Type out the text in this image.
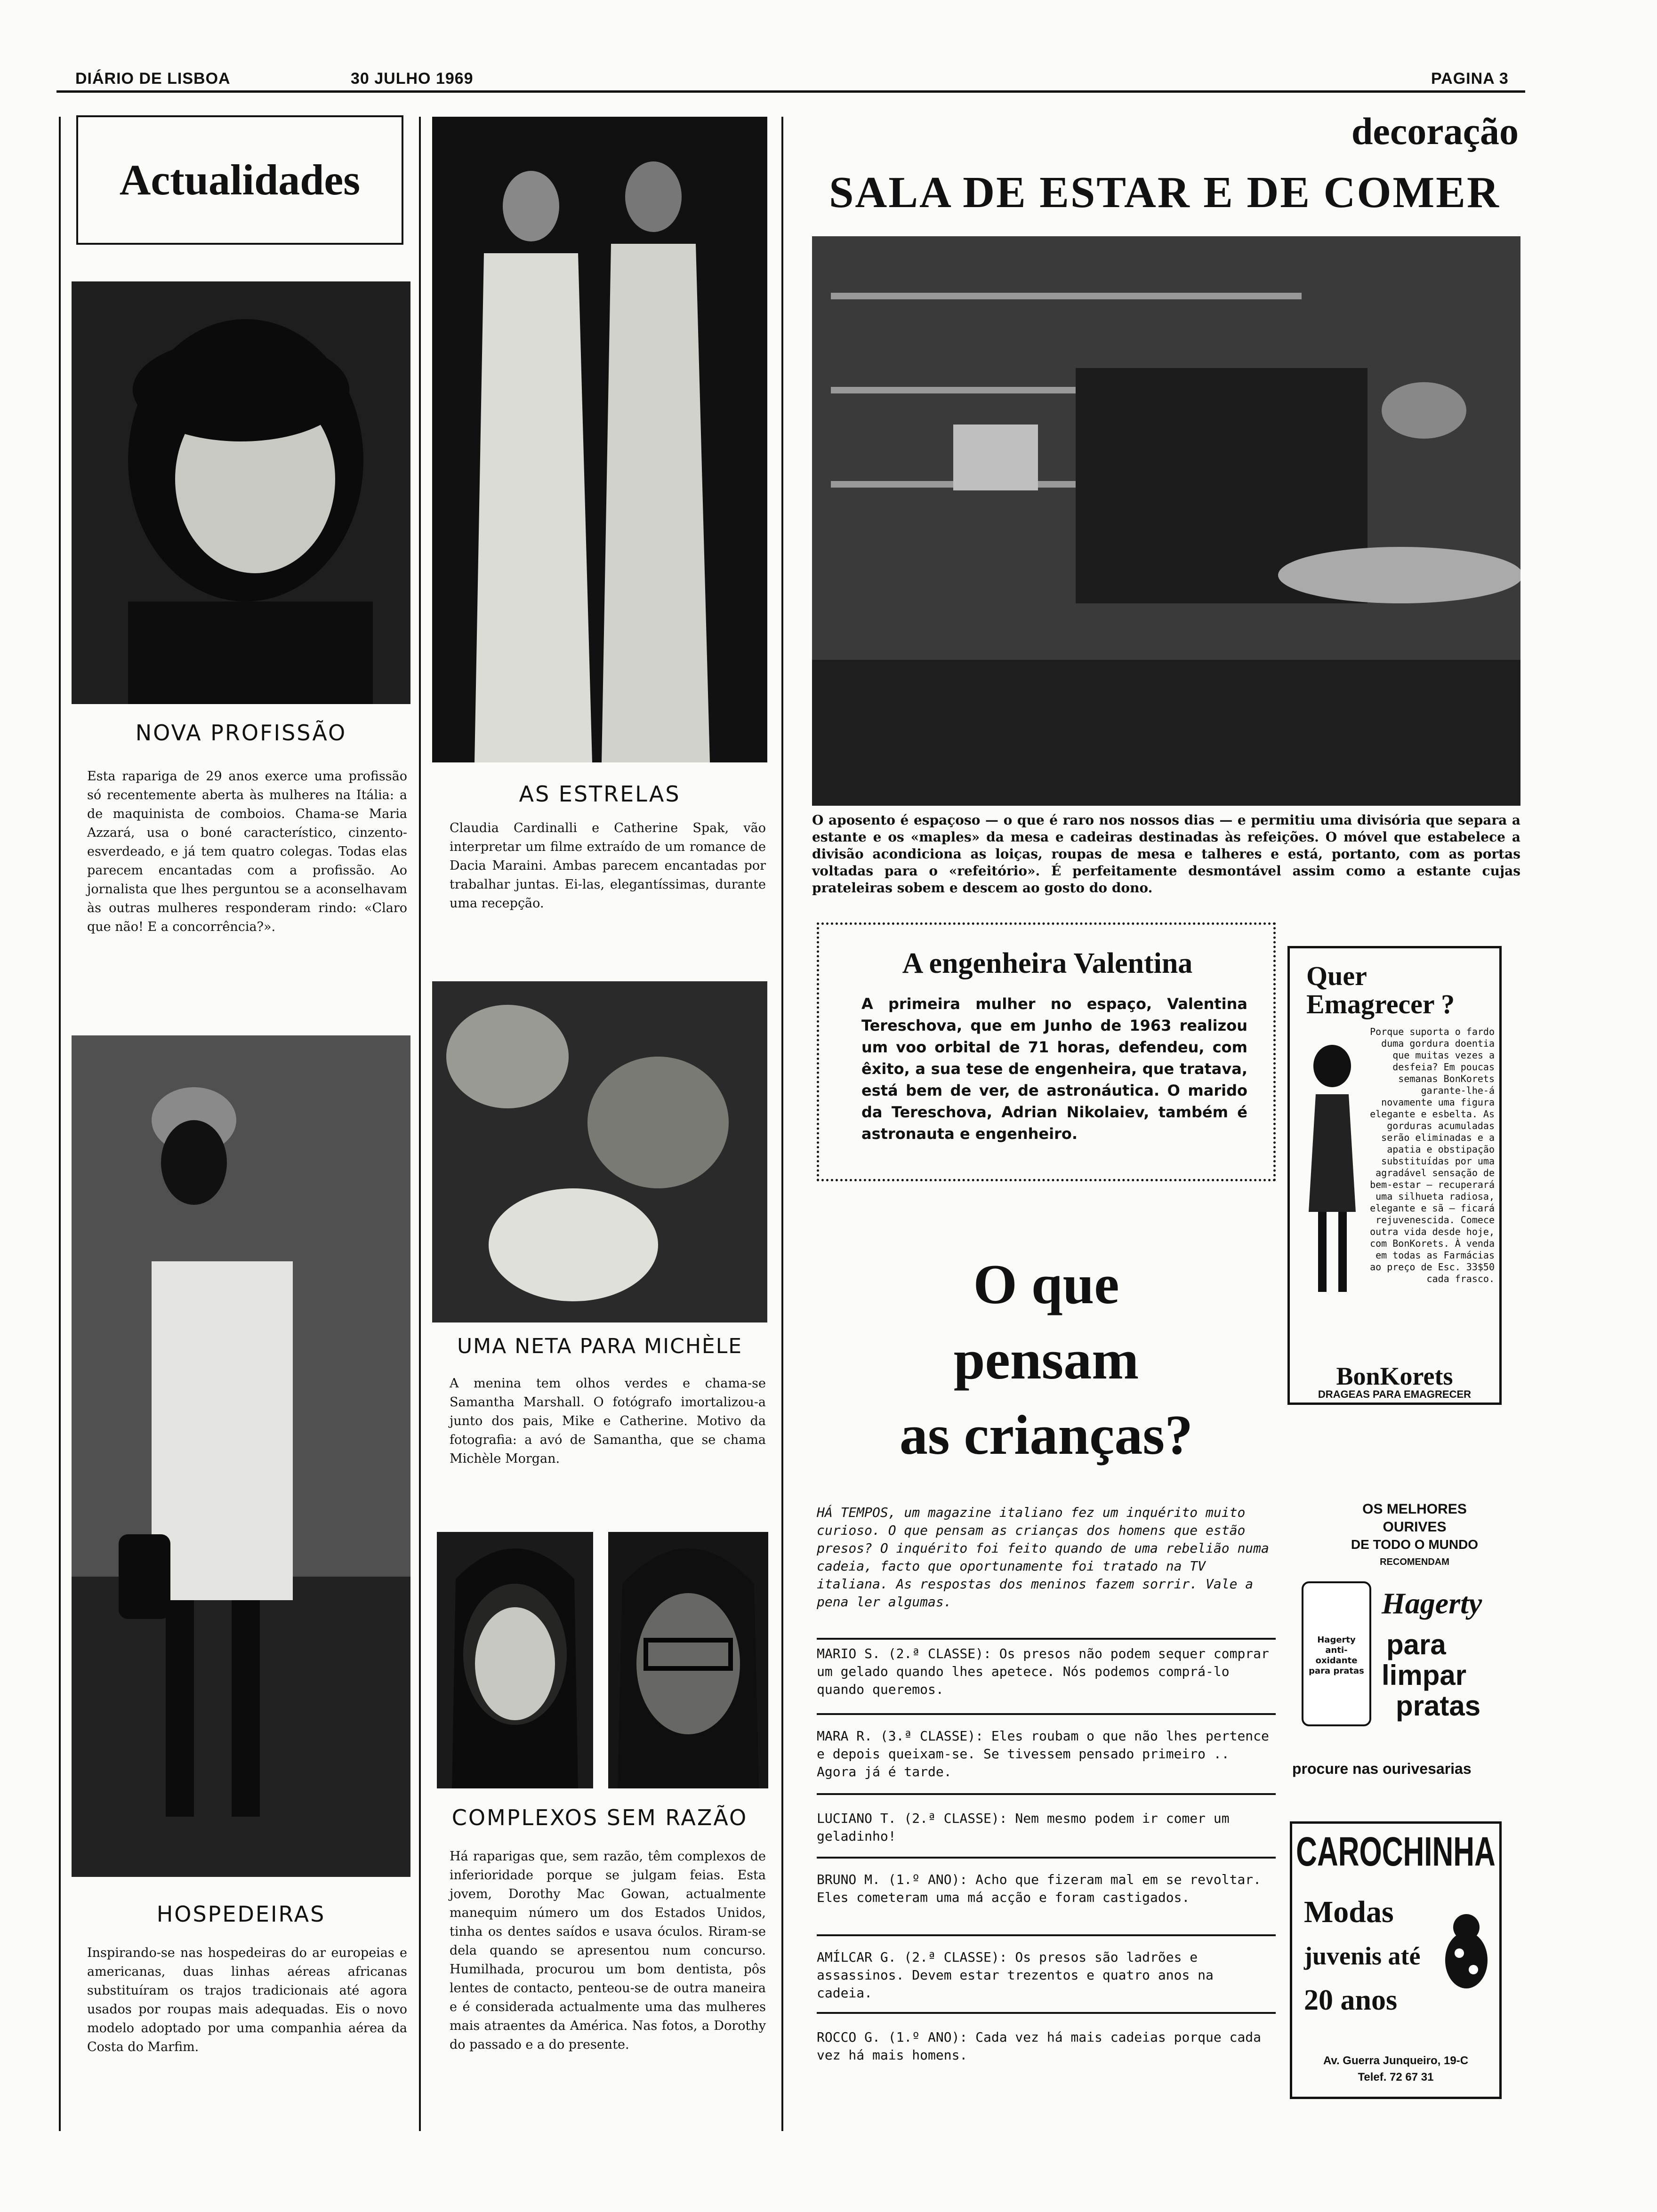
DIÁRIO DE LISBOA	30 JULHO 1969	PAGINA 3
Actualidades
NOVA PROFISSÃO

Esta rapariga de 29 anos exerce uma profissão só recentemente aberta às mulheres na Itália: a de maquinista de comboios. Chama-se Maria Azzará, usa o boné característico, cinzento-esverdeado, e já tem quatro colegas. Todas elas parecem encantadas com a profissão. Ao jornalista que lhes perguntou se a aconselhavam às outras mulheres responderam rindo: «Claro que não! E a concorrência?».

HOSPEDEIRAS

Inspirando-se nas hospedeiras do ar europeias e americanas, duas linhas aéreas africanas substituíram os trajos tradicionais até agora usados por roupas mais adequadas. Eis o novo modelo adoptado por uma companhia aérea da Costa do Marfim.

AS ESTRELAS

Claudia Cardinalli e Catherine Spak, vão interpretar um filme extraído de um romance de Dacia Maraini. Ambas parecem encantadas por trabalhar juntas. Ei-las, elegantíssimas, durante uma recepção.

UMA NETA PARA MICHÈLE

A menina tem olhos verdes e chama-se Samantha Marshall. O fotógrafo imortalizou-a junto dos pais, Mike e Catherine. Motivo da fotografia: a avó de Samantha, que se chama Michèle Morgan.

COMPLEXOS SEM RAZÃO

Há raparigas que, sem razão, têm complexos de inferioridade porque se julgam feias. Esta jovem, Dorothy Mac Gowan, actualmente manequim número um dos Estados Unidos, tinha os dentes saídos e usava óculos. Riram-se dela quando se apresentou num concurso. Humilhada, procurou um bom dentista, pôs lentes de contacto, penteou-se de outra maneira e é considerada actualmente uma das mulheres mais atraentes da América. Nas fotos, a Dorothy do passado e a do presente.

decoração
SALA DE ESTAR E DE COMER

O aposento é espaçoso — o que é raro nos nossos dias — e permitiu uma divisória que separa a estante e os «maples» da mesa e cadeiras destinadas às refeições. O móvel que estabelece a divisão acondiciona as loiças, roupas de mesa e talheres e está, portanto, com as portas voltadas para o «refeitório». É perfeitamente desmontável assim como a estante cujas prateleiras sobem e descem ao gosto do dono.

A engenheira Valentina

A primeira mulher no espaço, Valentina Tereschova, que em Junho de 1963 realizou um voo orbital de 71 horas, defendeu, com êxito, a sua tese de engenheira, que tratava, está bem de ver, de astronáutica. O marido da Tereschova, Adrian Nikolaiev, também é astronauta e engenheiro.

O que
pensam
as crianças?

HÁ TEMPOS, um magazine italiano fez um inquérito muito curioso. O que pensam as crianças dos homens que estão presos? O inquérito foi feito quando de uma rebelião numa cadeia, facto que oportunamente foi tratado na TV italiana. As respostas dos meninos fazem sorrir. Vale a pena ler algumas.

MARIO S. (2.ª CLASSE): Os presos não podem sequer comprar um gelado quando lhes apetece. Nós podemos comprá-lo quando queremos.

MARA R. (3.ª CLASSE): Eles roubam o que não lhes pertence e depois queixam-se. Se tivessem pensado primeiro .. Agora já é tarde.

LUCIANO T. (2.ª CLASSE): Nem mesmo podem ir comer um geladinho!

BRUNO M. (1.º ANO): Acho que fizeram mal em se revoltar. Eles cometeram uma má acção e foram castigados.

AMÍLCAR G. (2.ª CLASSE): Os presos são ladrões e assassinos. Devem estar trezentos e quatro anos na cadeia.

ROCCO G. (1.º ANO): Cada vez há mais cadeias porque cada vez há mais homens.

Quer
Emagrecer ?

Porque suporta o fardo duma gordura doentia que muitas vezes a desfeia? Em poucas semanas BonKorets garante-lhe-á novamente uma figura elegante e esbelta. As gorduras acumuladas serão eliminadas e a apatia e obstipação substituídas por uma agradável sensação de bem-estar — recuperará uma silhueta radiosa, elegante e sã — ficará rejuvenescida. Comece outra vida desde hoje, com BonKorets. À venda em todas as Farmácias ao preço de Esc. 33$50 cada frasco.

BonKorets
DRAGEAS PARA EMAGRECER
OS MELHORES
OURIVES
DE TODO O MUNDO
RECOMENDAM
Hagerty anti-oxidante para pratas
Hagerty
para
limpar
pratas
procure nas ourivesarias
CAROCHINHA
Modas
juvenis até
20 anos
Av. Guerra Junqueiro, 19-C
Telef. 72 67 31
